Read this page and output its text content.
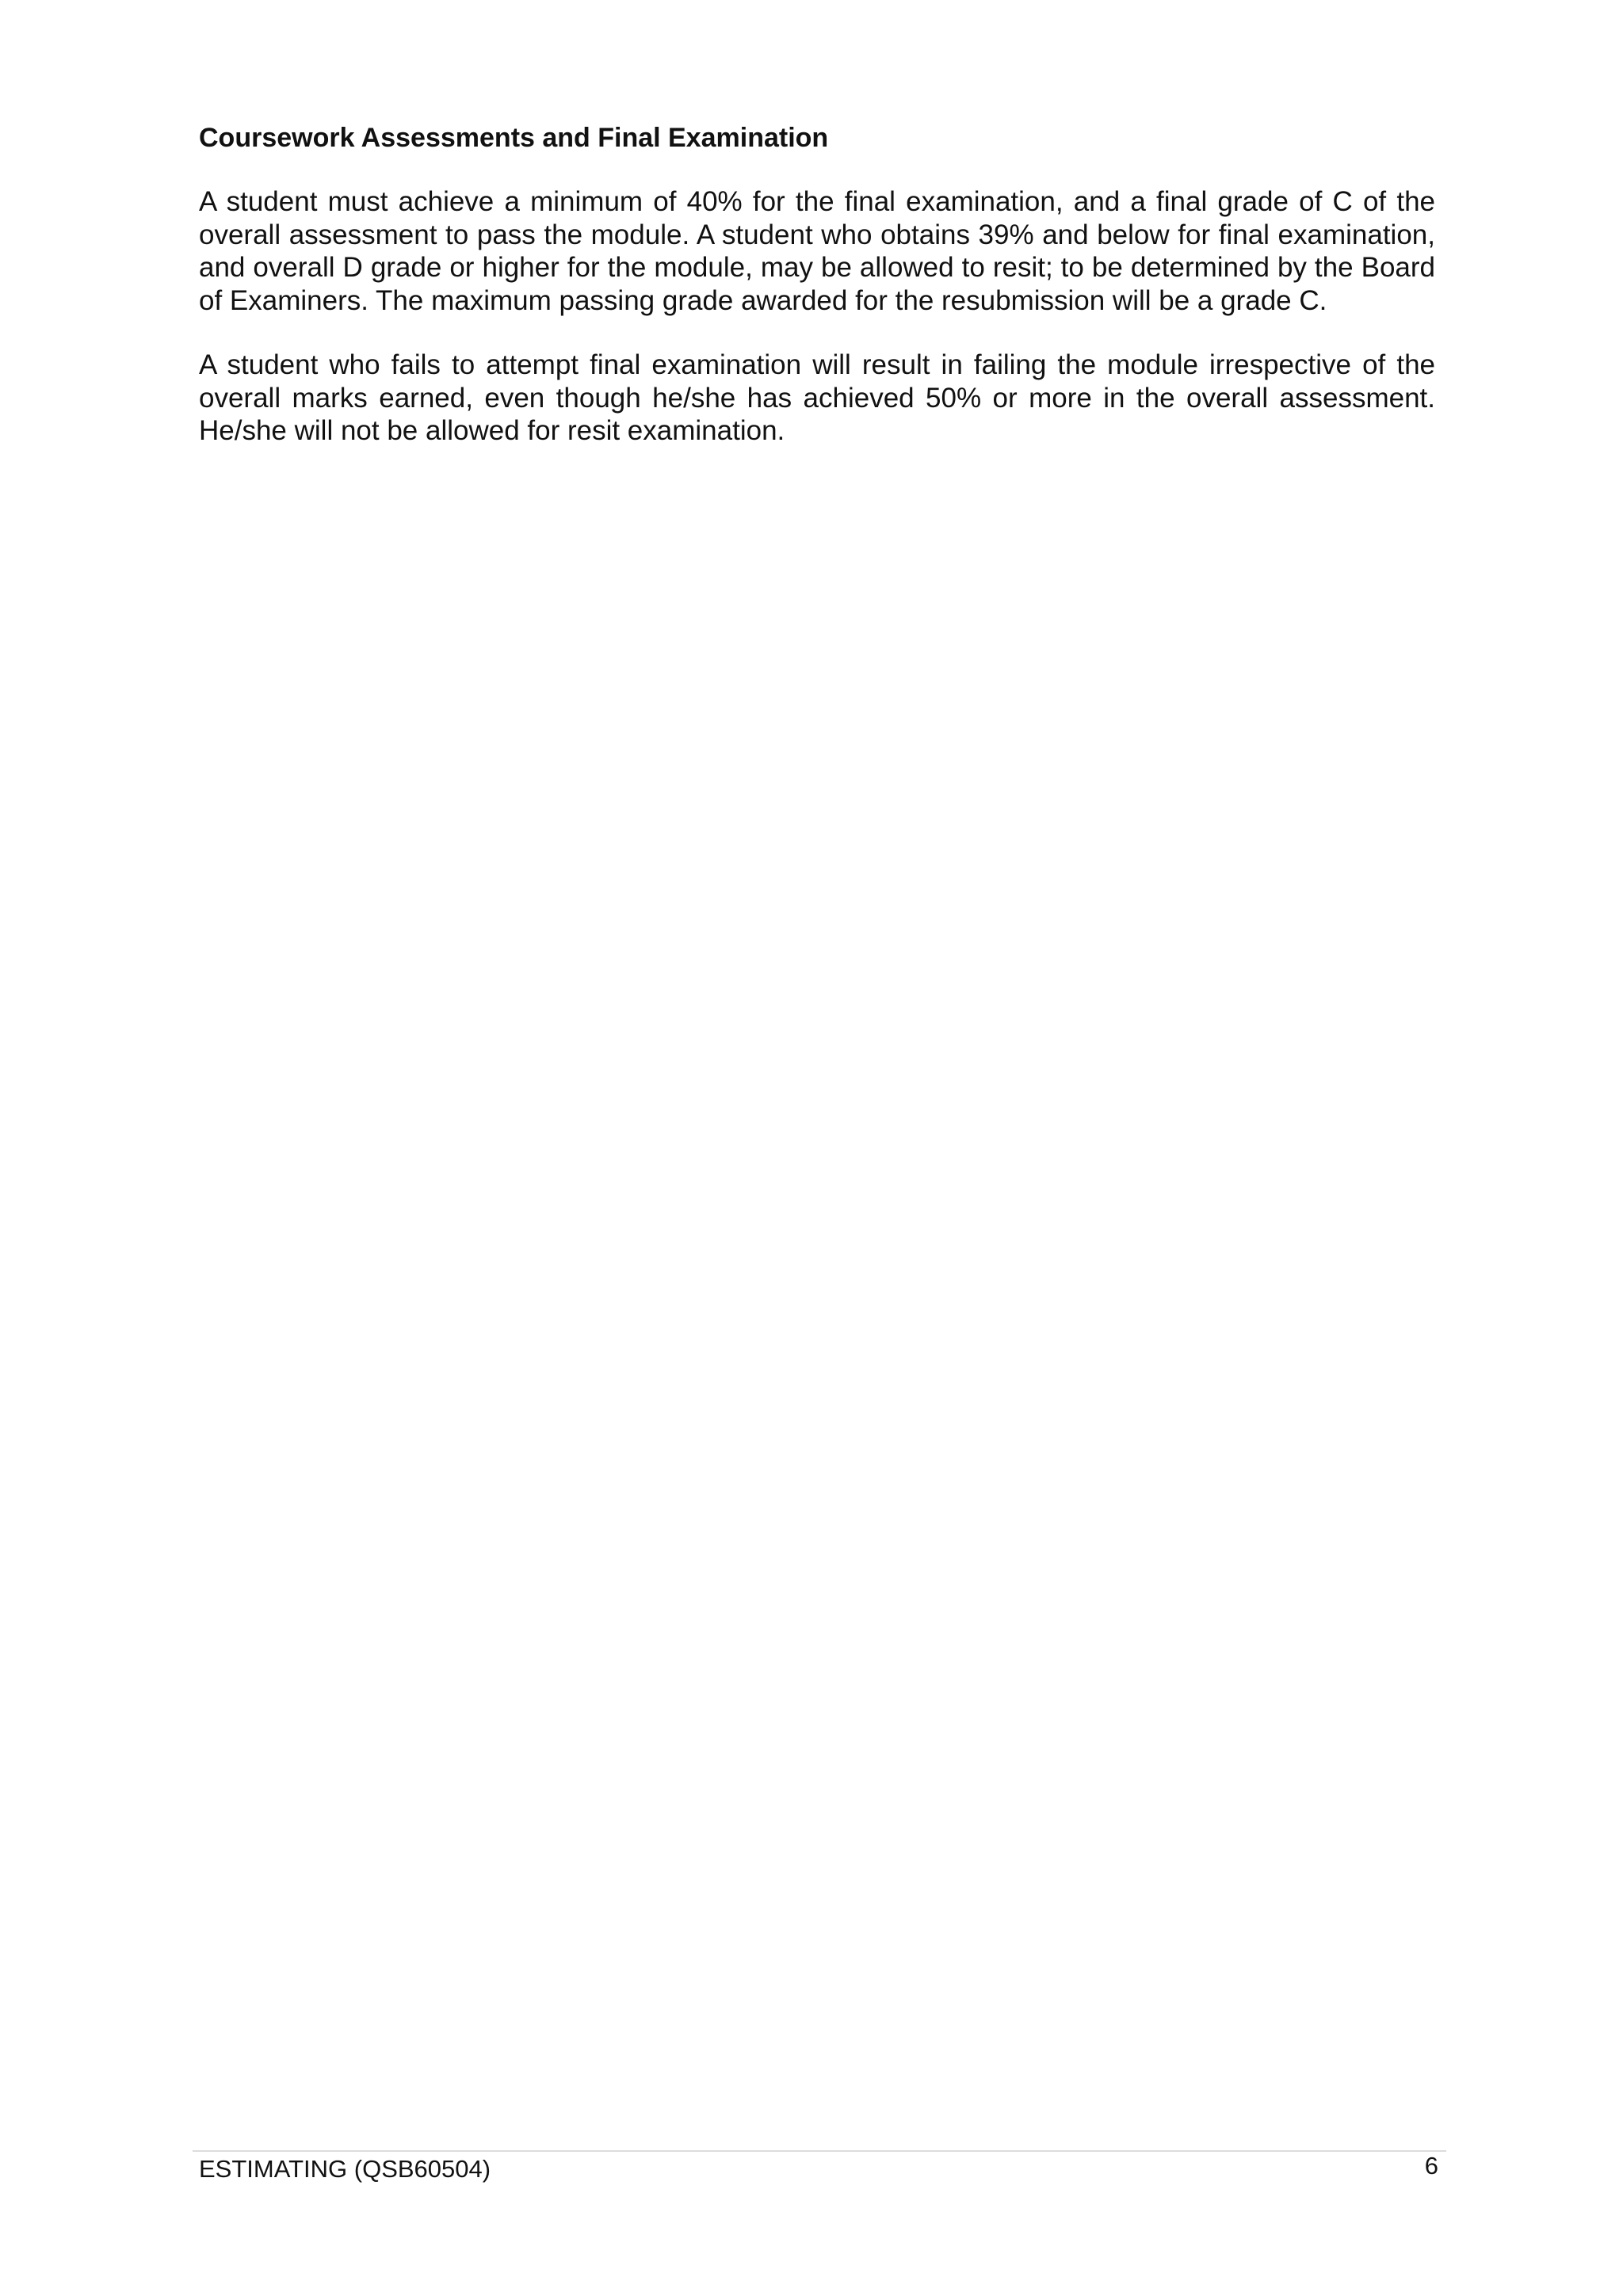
Coursework Assessments and Final Examination

A student must achieve a minimum of 40% for the final examination, and a final grade of C of the overall assessment to pass the module. A student who obtains 39% and below for final examination, and overall D grade or higher for the module, may be allowed to resit; to be determined by the Board of Examiners. The maximum passing grade awarded for the resubmission will be a grade C.

A student who fails to attempt final examination will result in failing the module irrespective of the overall marks earned, even though he/she has achieved 50% or more in the overall assessment. He/she will not be allowed for resit examination.

ESTIMATING (QSB60504)	6
